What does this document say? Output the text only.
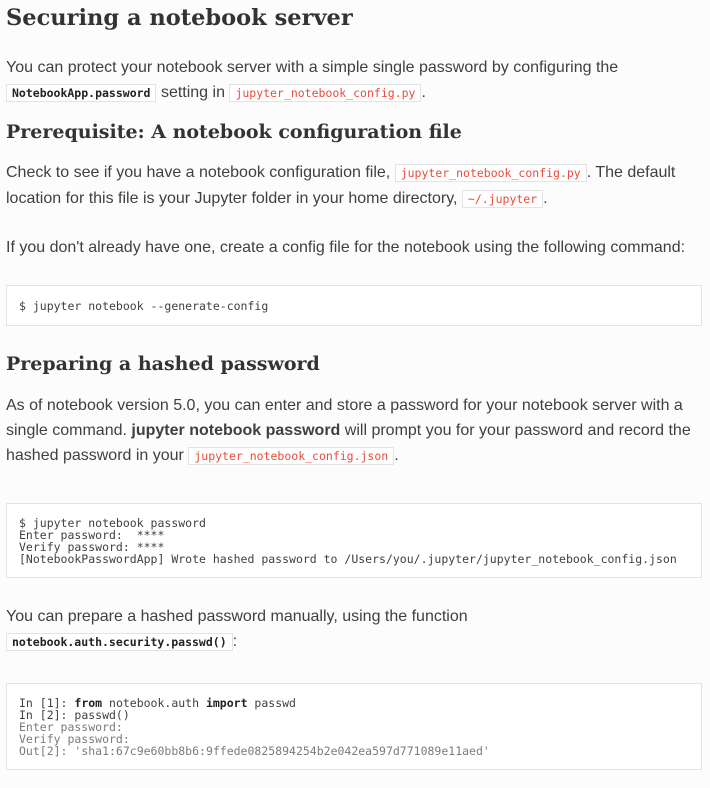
Securing a notebook server

You can protect your notebook server with a simple single password by configuring the
NotebookApp.password setting in jupyter_notebook_config.py .

Prerequisite: A notebook configuration file

Check to see if you have a notebook configuration file, jupyter_notebook_config.py . The default location for this file is your Jupyter folder in your home directory, ~/.jupyter .

If you don't already have one, create a config file for the notebook using the following command:

$ jupyter notebook --generate-config
Preparing a hashed password

As of notebook version 5.0, you can enter and store a password for your notebook server with a single command. jupyter notebook password will prompt you for your password and record the hashed password in your jupyter_notebook_config.json .

$ jupyter notebook password
Enter password:  ****
Verify password: ****
[NotebookPasswordApp] Wrote hashed password to /Users/you/.jupyter/jupyter_notebook_config.json

You can prepare a hashed password manually, using the function
notebook.auth.security.passwd() :

In [1]: from notebook.auth import passwd
In [2]: passwd()
Enter password:
Verify password:
Out[2]: 'sha1:67c9e60bb8b6:9ffede0825894254b2e042ea597d771089e11aed'
